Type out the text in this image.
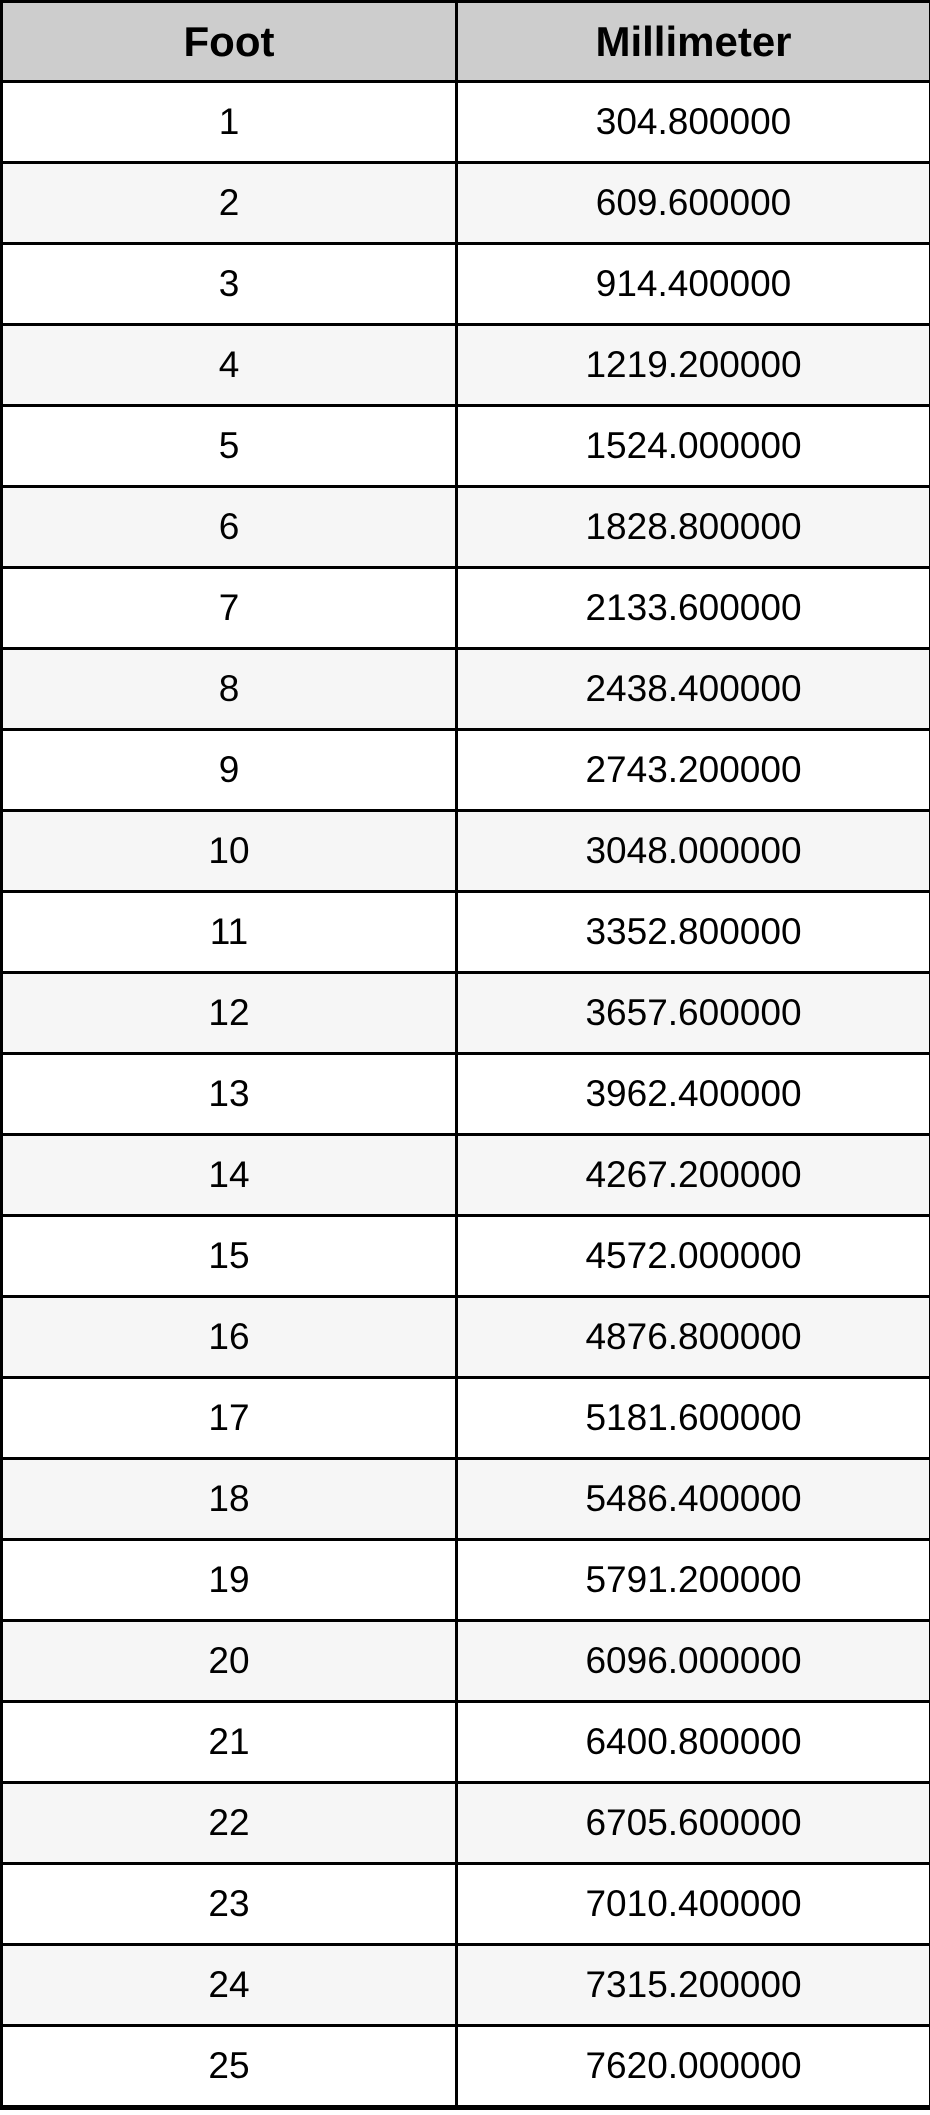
Foot	Millimeter
1	304.800000
2	609.600000
3	914.400000
4	1219.200000
5	1524.000000
6	1828.800000
7	2133.600000
8	2438.400000
9	2743.200000
10	3048.000000
11	3352.800000
12	3657.600000
13	3962.400000
14	4267.200000
15	4572.000000
16	4876.800000
17	5181.600000
18	5486.400000
19	5791.200000
20	6096.000000
21	6400.800000
22	6705.600000
23	7010.400000
24	7315.200000
25	7620.000000
